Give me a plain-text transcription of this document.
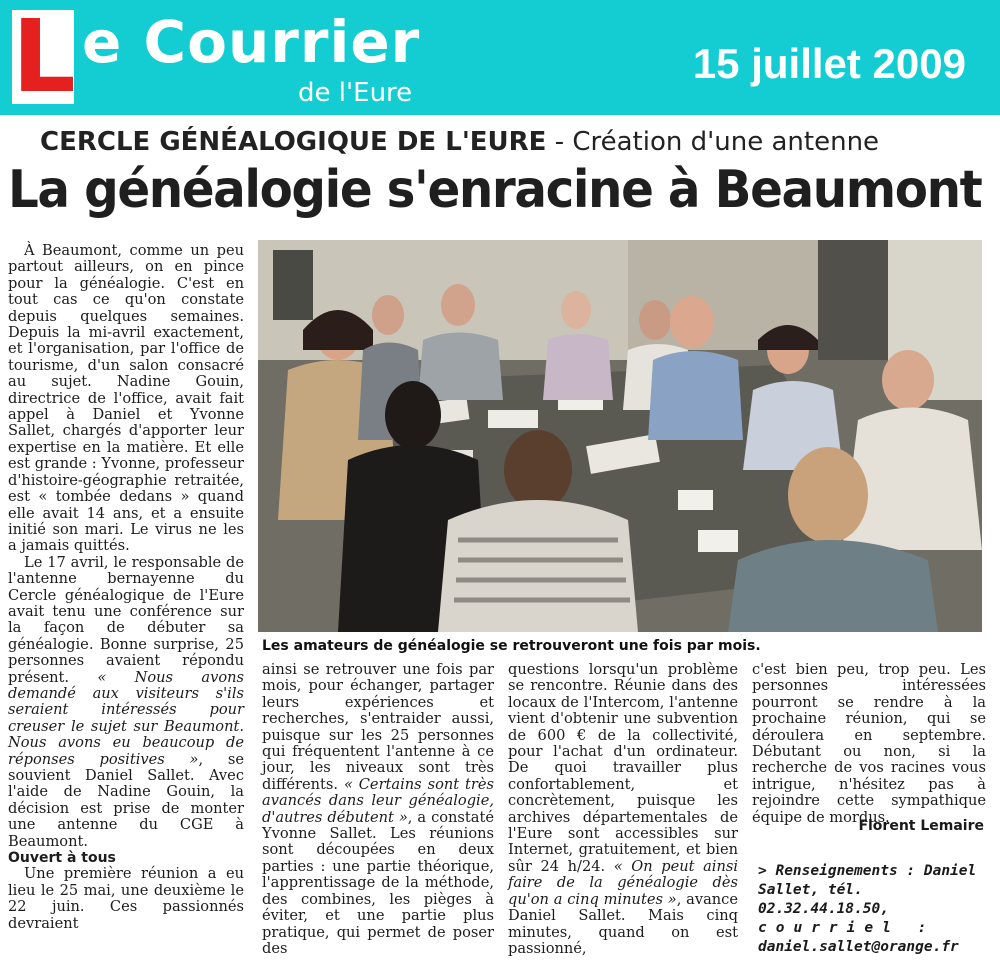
L e Courrier
de l'Eure
15 juillet 2009
CERCLE GÉNÉALOGIQUE DE L'EURE - Création d'une antenne
La généalogie s'enracine à Beaumont

À Beaumont, comme un peu partout ailleurs, on en pince pour la généalogie. C'est en tout cas ce qu'on constate depuis quelques semaines. Depuis la mi-avril exactement, et l'organisation, par l'office de tourisme, d'un salon consacré au sujet. Nadine Gouin, directrice de l'office, avait fait appel à Daniel et Yvonne Sallet, chargés d'apporter leur expertise en la matière. Et elle est grande : Yvonne, professeur d'histoire-géographie retraitée, est « tombée dedans » quand elle avait 14 ans, et a ensuite initié son mari. Le virus ne les a jamais quittés.

Le 17 avril, le responsable de l'antenne bernayenne du Cercle généalogique de l'Eure avait tenu une conférence sur la façon de débuter sa généalogie. Bonne surprise, 25 personnes avaient répondu présent. « Nous avons demandé aux visiteurs s'ils seraient intéressés pour creuser le sujet sur Beaumont. Nous avons eu beaucoup de réponses positives », se souvient Daniel Sallet. Avec l'aide de Nadine Gouin, la décision est prise de monter une antenne du CGE à Beaumont.

Ouvert à tous

Une première réunion a eu lieu le 25 mai, une deuxième le 22 juin. Ces passionnés devraient

Les amateurs de généalogie se retrouveront une fois par mois.

ainsi se retrouver une fois par mois, pour échanger, partager leurs expériences et recherches, s'entraider aussi, puisque sur les 25 personnes qui fréquentent l'antenne à ce jour, les niveaux sont très différents. « Certains sont très avancés dans leur généalogie, d'autres débutent », a constaté Yvonne Sallet. Les réunions sont découpées en deux parties : une partie théorique, l'apprentissage de la méthode, des combines, les pièges à éviter, et une partie plus pratique, qui permet de poser des

questions lorsqu'un problème se rencontre. Réunie dans des locaux de l'Intercom, l'antenne vient d'obtenir une subvention de 600 € de la collectivité, pour l'achat d'un ordinateur. De quoi travailler plus confortablement, et concrètement, puisque les archives départementales de l'Eure sont accessibles sur Internet, gratuitement, et bien sûr 24 h/24. « On peut ainsi faire de la généalogie dès qu'on a cinq minutes », avance Daniel Sallet. Mais cinq minutes, quand on est passionné,

c'est bien peu, trop peu. Les personnes intéressées pourront se rendre à la prochaine réunion, qui se déroulera en septembre. Débutant ou non, si la recherche de vos racines vous intrigue, n'hésitez pas à rejoindre cette sympathique équipe de mordus.

Florent Lemaire
> Renseignements : Daniel Sallet, tél. 02.32.44.18.50,
courriel :
daniel.sallet@orange.fr
